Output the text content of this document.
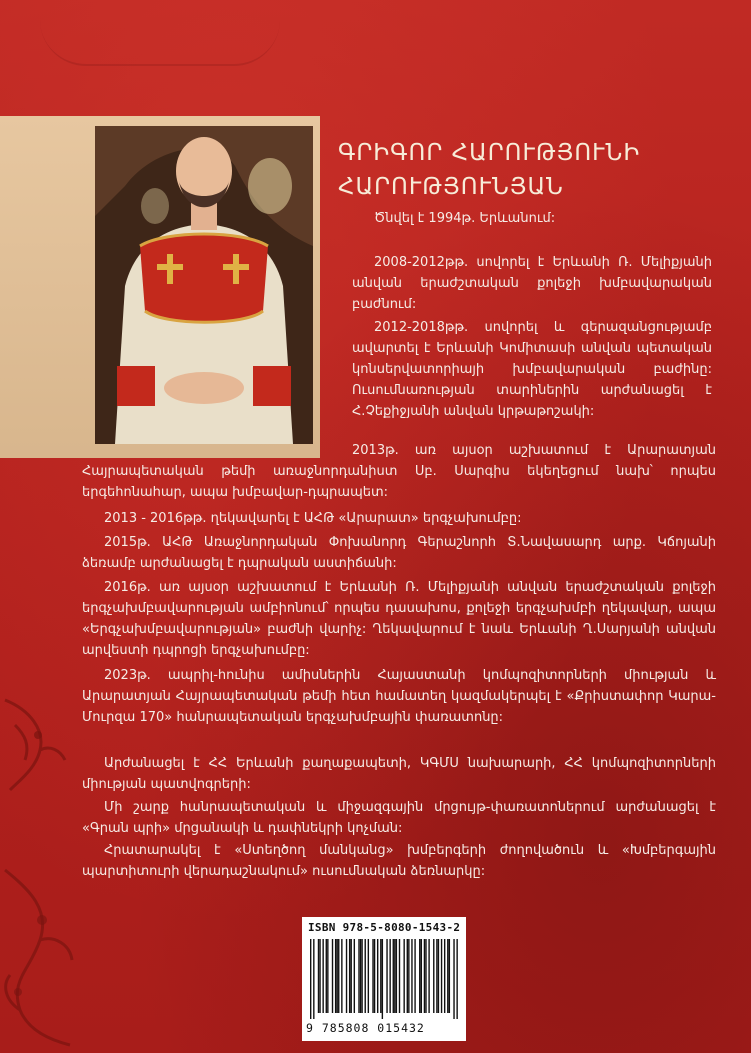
ԳՐԻԳՈՐ ՀԱՐՈՒԹՅՈՒՆԻ
ՀԱՐՈՒԹՅՈՒՆՅԱՆ
Ծնվել է 1994թ. Երևանում:
2008-2012թթ. սովորել է Երևանի Ռ. Մելիքյանի անվան երաժշտական քոլեջի խմբավարական բաժնում:
2012-2018թթ. սովորել և գերազանցությամբ ավարտել է Երևանի Կոմիտասի անվան պետական կոնսերվատորիայի խմբավարական բաժինը: Ուսումնառության տարիներին արժանացել է Հ.Չեքիջյանի անվան կրթաթոշակի:
2013թ. առ այսօր աշխատում է Արարատյան Հայրապետական թեմի առաջնորդանիստ Սբ. Սարգիս եկեղեցում նախ՝ որպես երգեհոնահար, ապա խմբավար-դպրապետ:
2013 - 2016թթ. ղեկավարել է ԱՀԹ «Արարատ» երգչախումբը:
2015թ. ԱՀԹ Առաջնորդական Փոխանորդ Գերաշնորհ Տ.Նավասարդ արք. Կճոյանի ձեռամբ արժանացել է դպրական աստիճանի:
2016թ. առ այսօր աշխատում է Երևանի Ռ. Մելիքյանի անվան երաժշտական քոլեջի երգչախմբավարության ամբիոնում՝ որպես դասախոս, քոլեջի երգչախմբի ղեկավար, ապա «Երգչախմբավարության» բաժնի վարիչ: Ղեկավարում է նաև Երևանի Ղ.Սարյանի անվան արվեստի դպրոցի երգչախումբը:
2023թ. ապրիլ-հունիս ամիսներին Հայաստանի կոմպոզիտորների միության և Արարատյան Հայրապետական թեմի հետ համատեղ կազմակերպել է «Քրիստափոր Կարա-Մուրզա 170» հանրապետական երգչախմբային փառատոնը:
Արժանացել է ՀՀ Երևանի քաղաքապետի, ԿԳՄՍ նախարարի, ՀՀ կոմպոզիտորների միության պատվոգրերի:
Մի շարք հանրապետական և միջազգային մրցույթ-փառատոներում արժանացել է «Գրան պրի» մրցանակի և դափնեկրի կոչման:
Հրատարակել է «Ստեղծող մանկանց» խմբերգերի ժողովածուն և «Խմբերգային պարտիտուրի վերադաշնակում» ուսումնական ձեռնարկը:
ISBN 978-5-8080-1543-2
9 785808 015432
